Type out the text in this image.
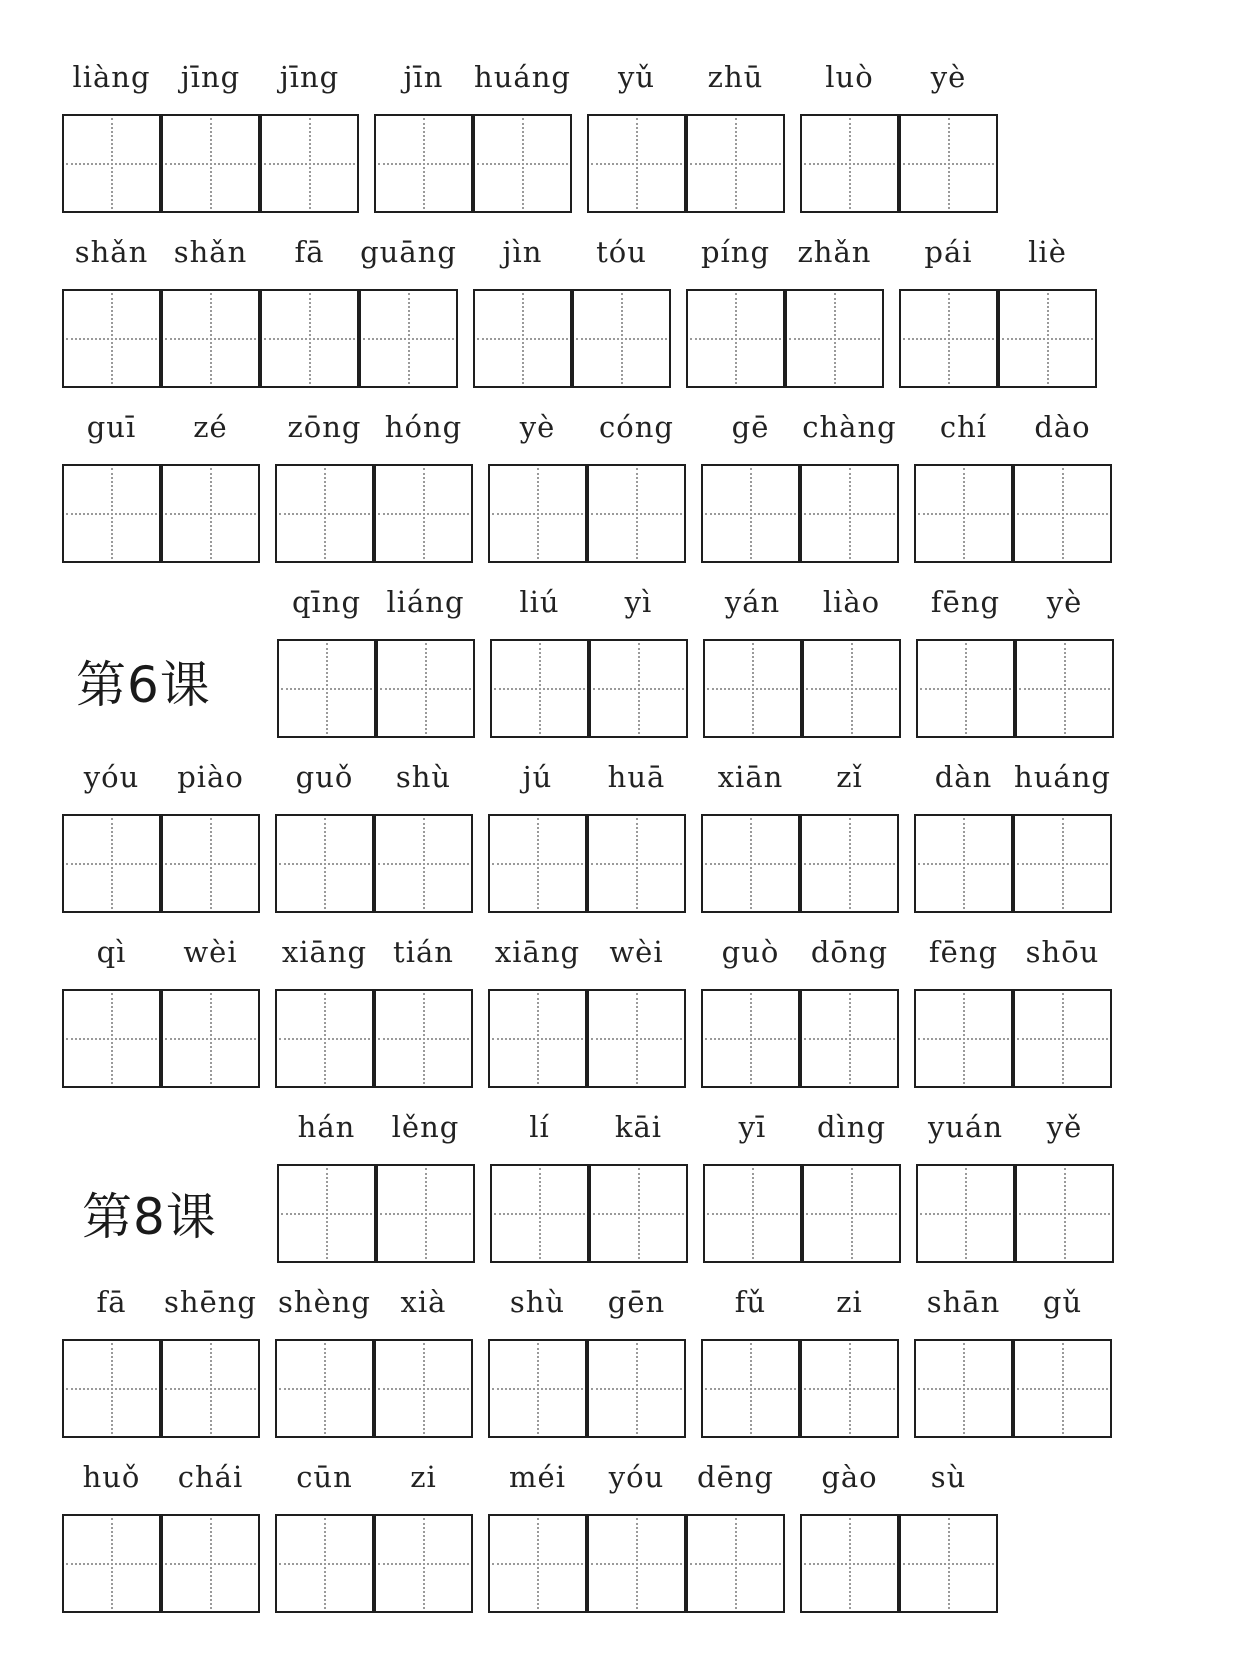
第6课
第8课
liàng	jīng	jīng	jīn	huáng	yǔ	zhū	luò	yè
shǎn shǎn	fā	guāng	jìn	tóu	píng zhǎn	pái	liè
guī	zé	zōng hóng	yè	cóng	gē	chàng	chí	dào
qīng liáng	liú	yì	yán	liào	fēng	yè
yóu	piào	guǒ	shù	jú	huā	xiān	zǐ	dàn huáng
qì	wèi	xiāng tián	xiāng	wèi	guò	dōng	fēng shōu
hán	lěng	lí	kāi	yī	dìng	yuán	yě
fā	shēng shèng	xià	shù	gēn	fǔ	zi	shān	gǔ
huǒ	chái	cūn	zi	méi	yóu	dēng	gào	sù
